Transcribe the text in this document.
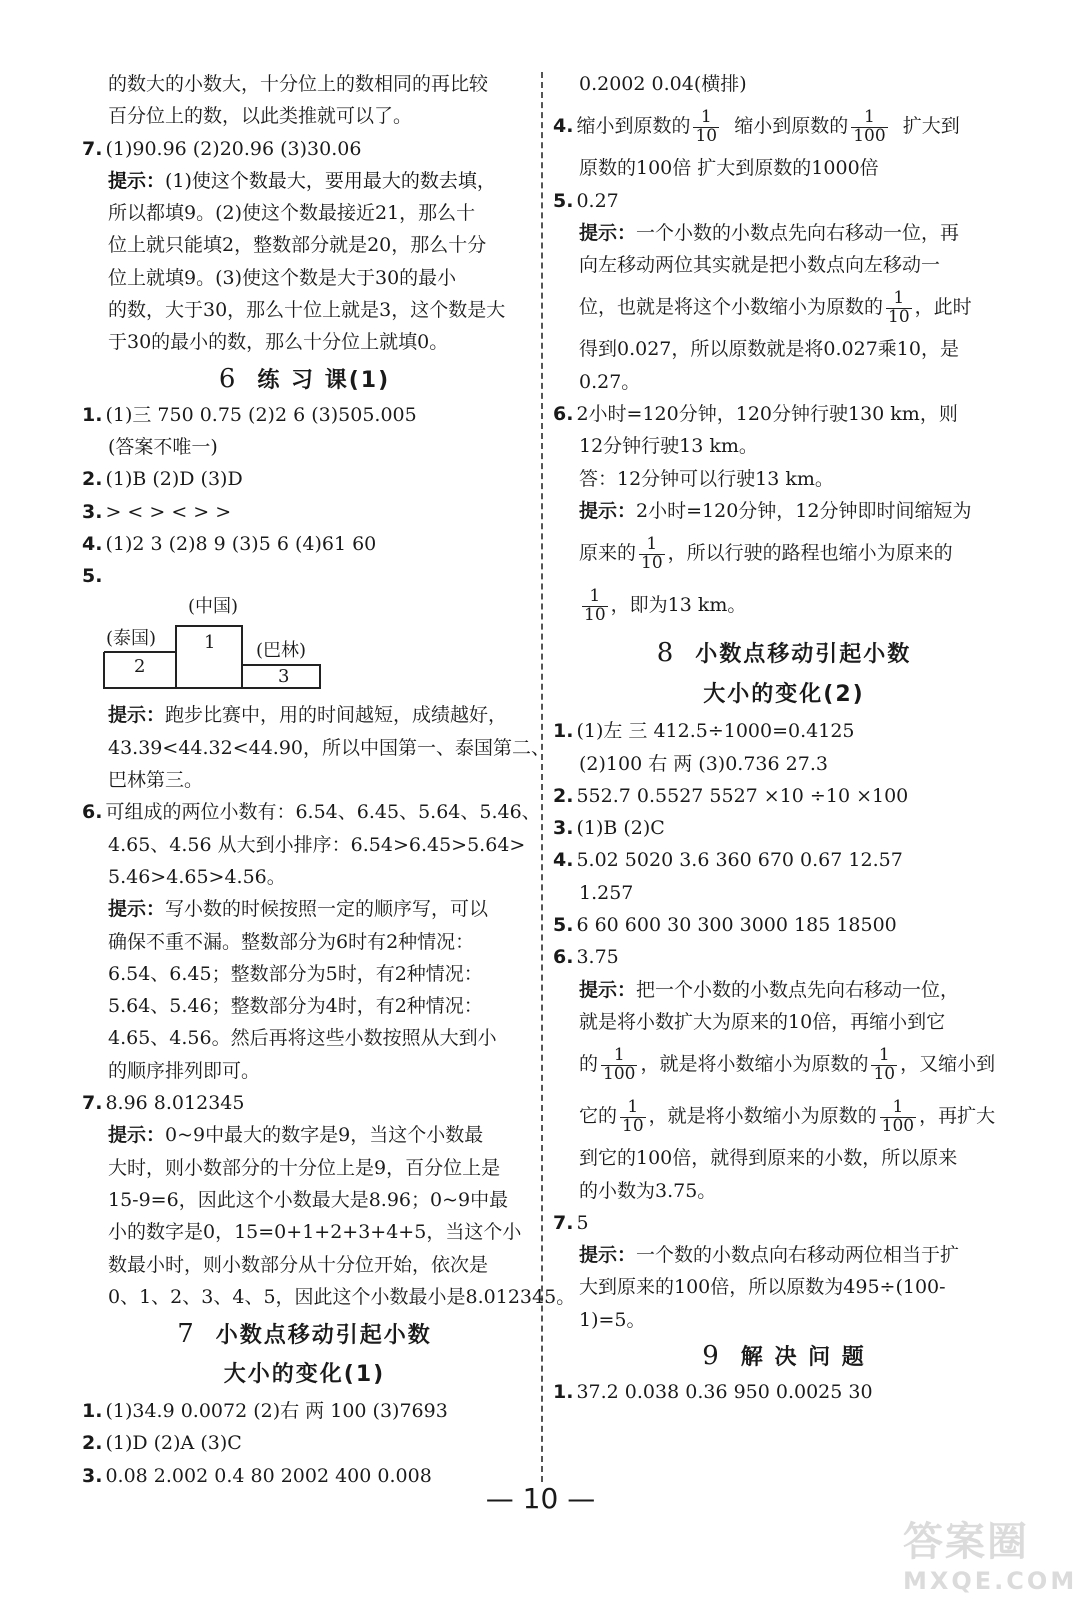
的数大的小数大，十分位上的数相同的再比较
百分位上的数，以此类推就可以了。
7. (1)90.96 (2)20.96 (3)30.06
提示：(1)使这个数最大，要用最大的数去填，
所以都填9。(2)使这个数最接近21，那么十
位上就只能填2，整数部分就是20，那么十分
位上就填9。(3)使这个数是大于30的最小
的数，大于30，那么十位上就是3，这个数是大
于30的最小的数，那么十分位上就填0。
6 练 习 课(1)
1. (1)三 750 0.75 (2)2 6 (3)505.005
(答案不唯一)
2. (1)B (2)D (3)D
3. > < > < > >
4. (1)2 3 (2)8 9 (3)5 6 (4)61 60
5.
(中国)
(泰国)
(巴林)
1
2	3
提示：跑步比赛中，用的时间越短，成绩越好，
43.39<44.32<44.90，所以中国第一、泰国第二、
巴林第三。
6. 可组成的两位小数有：6.54、6.45、5.64、5.46、
4.65、4.56 从大到小排序：6.54>6.45>5.64>
5.46>4.65>4.56。
提示：写小数的时候按照一定的顺序写，可以
确保不重不漏。整数部分为6时有2种情况：
6.54、6.45；整数部分为5时，有2种情况：
5.64、5.46；整数部分为4时，有2种情况：
4.65、4.56。然后再将这些小数按照从大到小
的顺序排列即可。
7. 8.96 8.012345
提示：0~9中最大的数字是9，当这个小数最
大时，则小数部分的十分位上是9，百分位上是
15-9=6，因此这个小数最大是8.96；0~9中最
小的数字是0，15=0+1+2+3+4+5，当这个小
数最小时，则小数部分从十分位开始，依次是
0、1、2、3、4、5，因此这个小数最小是8.012345。
7 小数点移动引起小数
大小的变化(1)
1. (1)34.9 0.0072 (2)右 两 100 (3)7693
2. (1)D (2)A (3)C
3. 0.08 2.002 0.4 80 2002 400 0.008
0.2002 0.04(横排)
4. 缩小到原数的 $\frac{1}{10}$ 缩小到原数的 $\frac{1}{100}$ 扩大到
原数的100倍 扩大到原数的1000倍
5. 0.27
提示：一个小数的小数点先向右移动一位，再
向左移动两位其实就是把小数点向左移动一
位，也就是将这个小数缩小为原数的 $\frac{1}{10}$ ，此时
得到0.027，所以原数就是将0.027乘10，是
0.27。
6. 2小时=120分钟，120分钟行驶130 km，则
12分钟行驶13 km。
答：12分钟可以行驶13 km。
提示：2小时=120分钟，12分钟即时间缩短为
原来的 $\frac{1}{10}$ ，所以行驶的路程也缩小为原来的
$\frac{1}{10}$ ，即为13 km。
8 小数点移动引起小数
大小的变化(2)
1. (1)左 三 412.5÷1000=0.4125
(2)100 右 两 (3)0.736 27.3
2. 552.7 0.5527 5527 ×10 ÷10 ×100
3. (1)B (2)C
4. 5.02 5020 3.6 360 670 0.67 12.57
1.257
5. 6 60 600 30 300 3000 185 18500
6. 3.75
提示：把一个小数的小数点先向右移动一位，
就是将小数扩大为原来的10倍，再缩小到它
的 $\frac{1}{100}$ ，就是将小数缩小为原数的 $\frac{1}{10}$ ，又缩小到
它的 $\frac{1}{10}$ ，就是将小数缩小为原数的 $\frac{1}{100}$ ，再扩大
到它的100倍，就得到原来的小数，所以原来
的小数为3.75。
7. 5
提示：一个数的小数点向右移动两位相当于扩
大到原来的100倍，所以原数为495÷(100-
1)=5。
9 解 决 问 题
1. 37.2 0.038 0.36 950 0.0025 30
— 10 —
答案圈
MXQE.COM
